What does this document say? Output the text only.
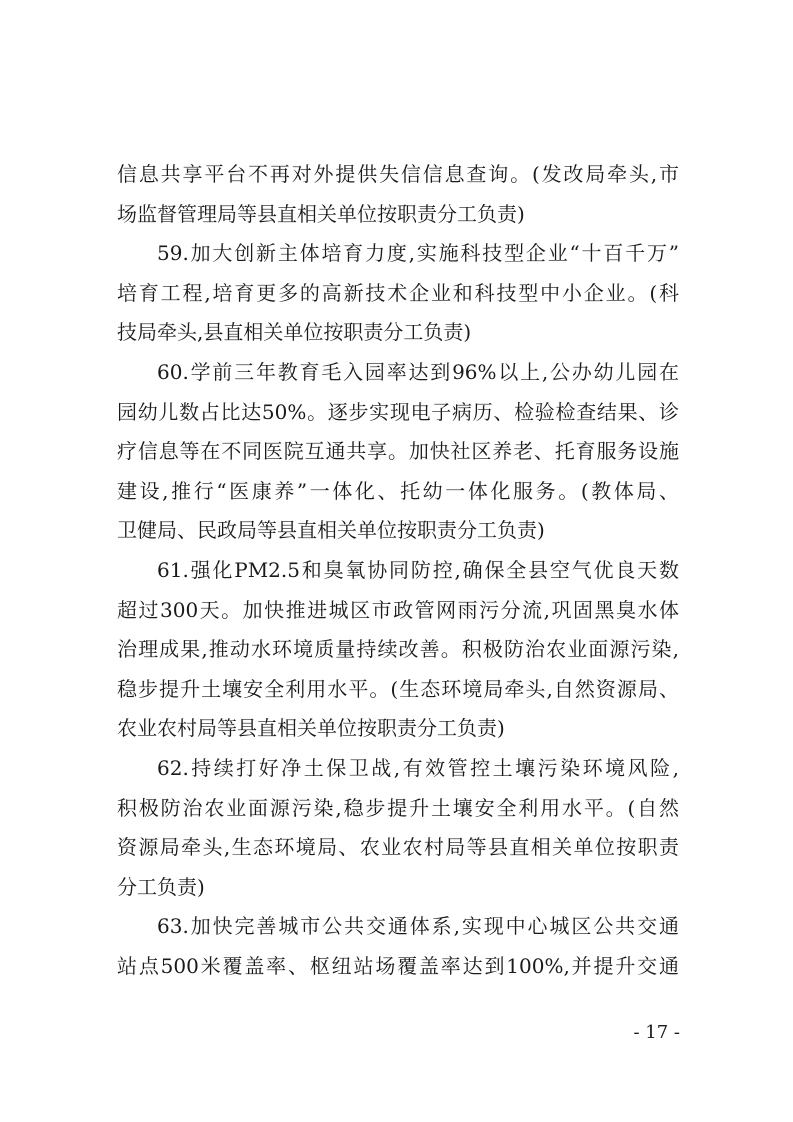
信息共享平台不再对外提供失信信息查询。(发改局牵头,市
场监督管理局等县直相关单位按职责分工负责)
59.加大创新主体培育力度,实施科技型企业“十百千万”
培育工程,培育更多的高新技术企业和科技型中小企业。(科
技局牵头,县直相关单位按职责分工负责)
60.学前三年教育毛入园率达到96%以上,公办幼儿园在
园幼儿数占比达50%。逐步实现电子病历、检验检查结果、诊
疗信息等在不同医院互通共享。加快社区养老、托育服务设施
建设,推行“医康养”一体化、托幼一体化服务。(教体局、
卫健局、民政局等县直相关单位按职责分工负责)
61.强化PM2.5和臭氧协同防控,确保全县空气优良天数
超过300天。加快推进城区市政管网雨污分流,巩固黑臭水体
治理成果,推动水环境质量持续改善。积极防治农业面源污染,
稳步提升土壤安全利用水平。(生态环境局牵头,自然资源局、
农业农村局等县直相关单位按职责分工负责)
62.持续打好净土保卫战,有效管控土壤污染环境风险,
积极防治农业面源污染,稳步提升土壤安全利用水平。(自然
资源局牵头,生态环境局、农业农村局等县直相关单位按职责
分工负责)
63.加快完善城市公共交通体系,实现中心城区公共交通
站点500米覆盖率、枢纽站场覆盖率达到100%,并提升交通
- 17 -
